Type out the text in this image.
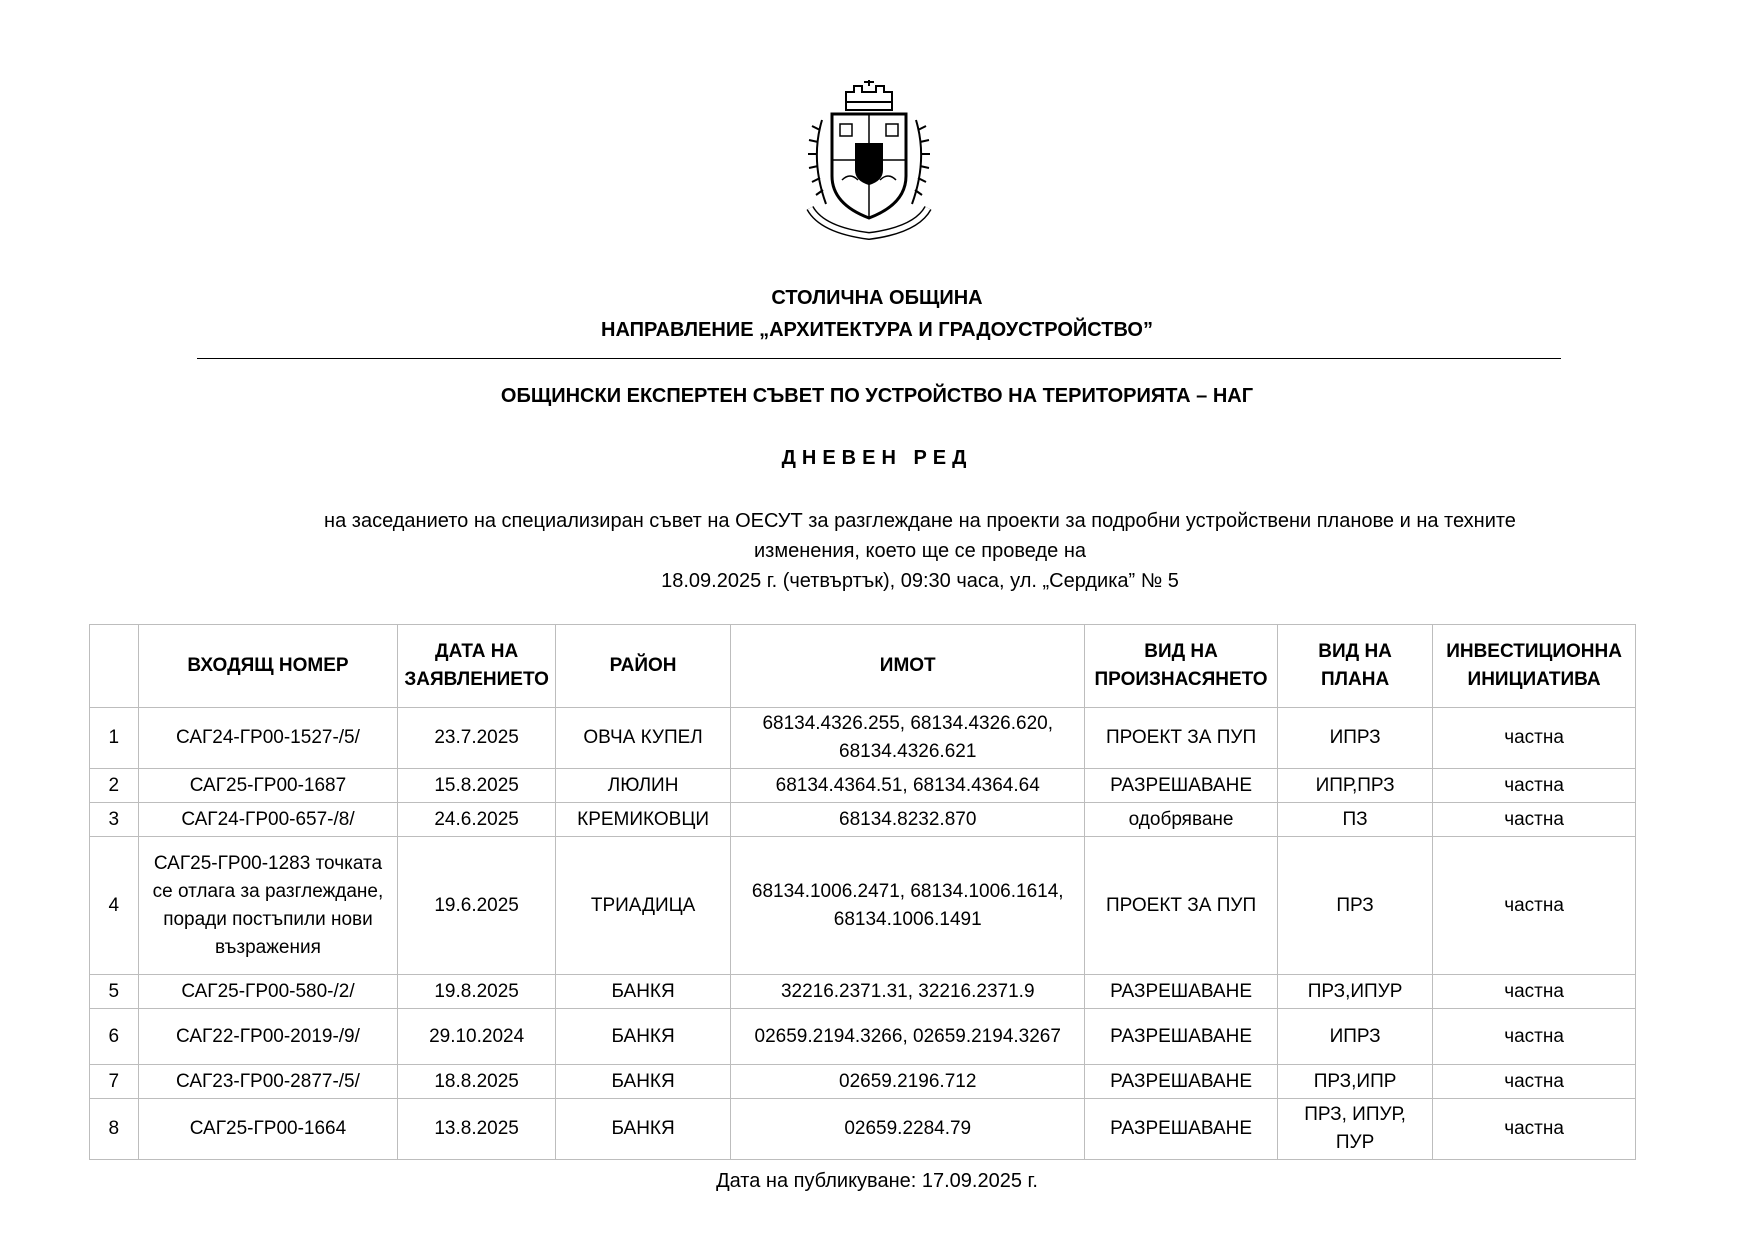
СТОЛИЧНА ОБЩИНА
НАПРАВЛЕНИЕ „АРХИТЕКТУРА И ГРАДОУСТРОЙСТВО”
ОБЩИНСКИ ЕКСПЕРТЕН СЪВЕТ ПО УСТРОЙСТВО НА ТЕРИТОРИЯТА – НАГ
ДНЕВЕН РЕД
на заседанието на специализиран съвет на ОЕСУТ за разглеждане на проекти за подробни устройствени планове и на техните
изменения, което ще се проведе на
18.09.2025 г. (четвъртък), 09:30 часа, ул. „Сердика” № 5
	ВХОДЯЩ НОМЕР	ДАТА НА ЗАЯВЛЕНИЕТО	РАЙОН	ИМОТ	ВИД НА ПРОИЗНАСЯНЕТО	ВИД НА ПЛАНА	ИНВЕСТИЦИОННА ИНИЦИАТИВА
1	САГ24-ГР00-1527-/5/	23.7.2025	ОВЧА КУПЕЛ	68134.4326.255, 68134.4326.620, 68134.4326.621	ПРОЕКТ ЗА ПУП	ИПРЗ	частна
2	САГ25-ГР00-1687	15.8.2025	ЛЮЛИН	68134.4364.51, 68134.4364.64	РАЗРЕШАВАНЕ	ИПР,ПРЗ	частна
3	САГ24-ГР00-657-/8/	24.6.2025	КРЕМИКОВЦИ	68134.8232.870	одобряване	ПЗ	частна
4	САГ25-ГР00-1283 точката се отлага за разглеждане, поради постъпили нови възражения	19.6.2025	ТРИАДИЦА	68134.1006.2471, 68134.1006.1614, 68134.1006.1491	ПРОЕКТ ЗА ПУП	ПРЗ	частна
5	САГ25-ГР00-580-/2/	19.8.2025	БАНКЯ	32216.2371.31, 32216.2371.9	РАЗРЕШАВАНЕ	ПРЗ,ИПУР	частна
6	САГ22-ГР00-2019-/9/	29.10.2024	БАНКЯ	02659.2194.3266, 02659.2194.3267	РАЗРЕШАВАНЕ	ИПРЗ	частна
7	САГ23-ГР00-2877-/5/	18.8.2025	БАНКЯ	02659.2196.712	РАЗРЕШАВАНЕ	ПРЗ,ИПР	частна
8	САГ25-ГР00-1664	13.8.2025	БАНКЯ	02659.2284.79	РАЗРЕШАВАНЕ	ПРЗ, ИПУР, ПУР	частна
Дата на публикуване: 17.09.2025 г.
